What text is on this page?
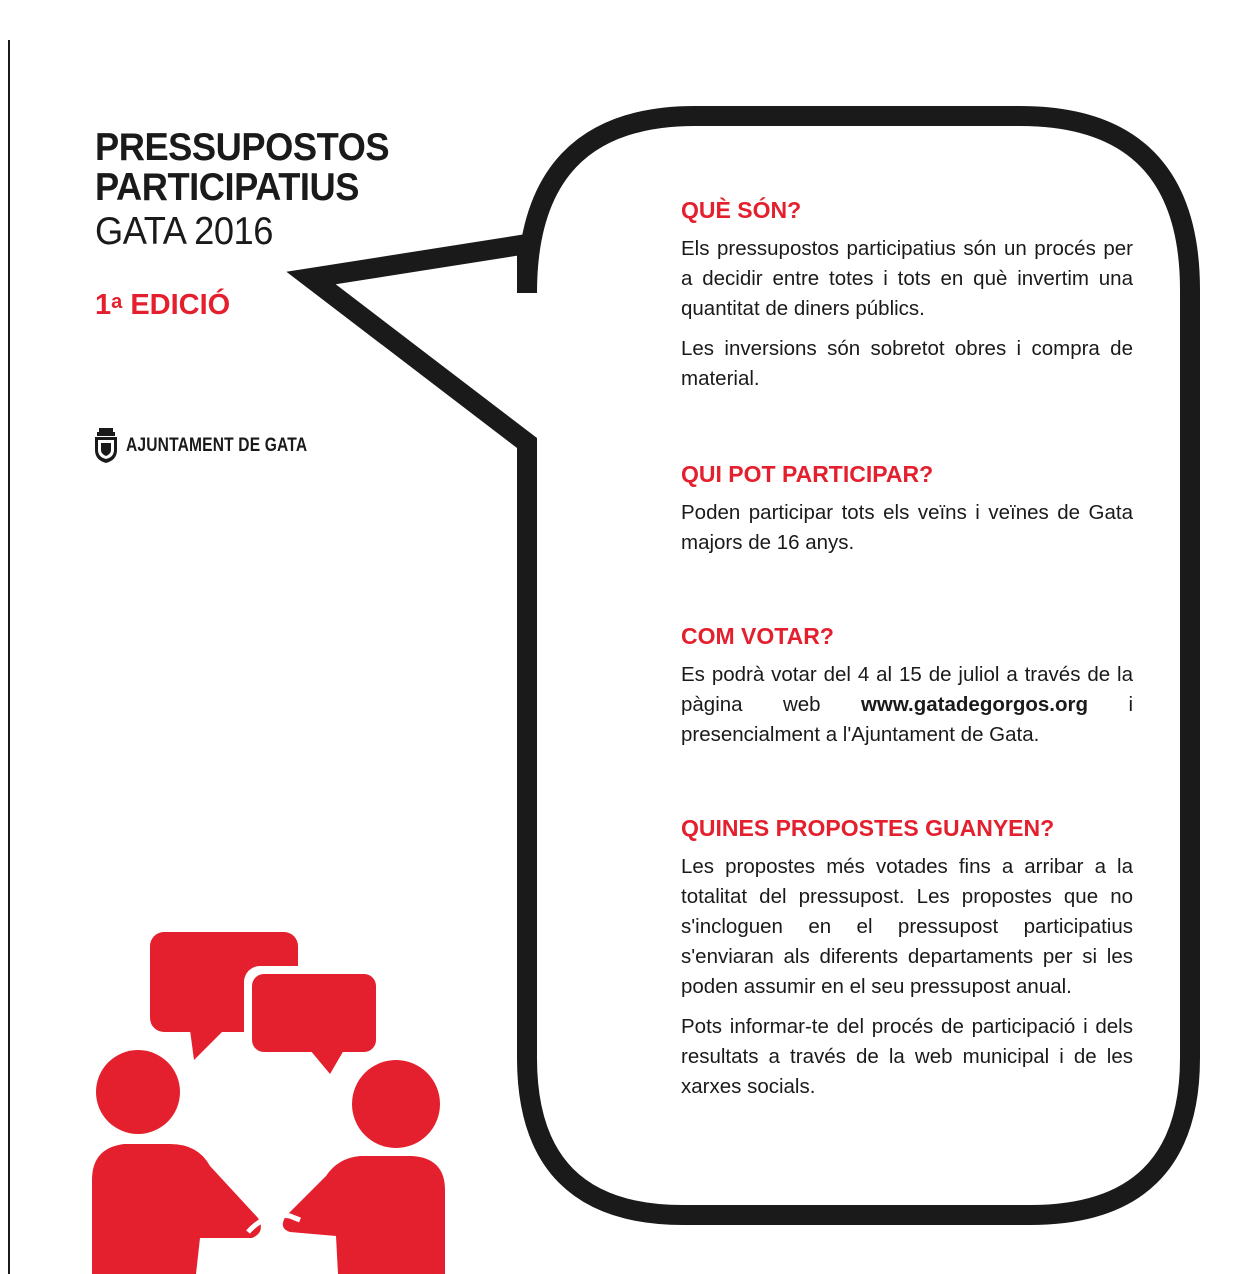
PRESSUPOSTOS
PARTICIPATIUS
GATA 2016
1$^a$ EDICIÓ
AJUNTAMENT DE GATA
QUÈ SÓN?

Els pressupostos participatius són un procés per a decidir entre totes i tots en què invertim una quantitat de diners públics.

Les inversions són sobretot obres i compra de material.

QUI POT PARTICIPAR?

Poden participar tots els veïns i veïnes de Gata majors de 16 anys.

COM VOTAR?

Es podrà votar del 4 al 15 de juliol a través de la pàgina web www.gatadegorgos.org i presencialment a l'Ajuntament de Gata.

QUINES PROPOSTES GUANYEN?

Les propostes més votades fins a arribar a la totalitat del pressupost. Les propostes que no s'incloguen en el pressupost participatius s'enviaran als diferents departaments per si les poden assumir en el seu pressupost anual.

Pots informar-te del procés de participació i dels resultats a través de la web municipal i de les xarxes socials.
